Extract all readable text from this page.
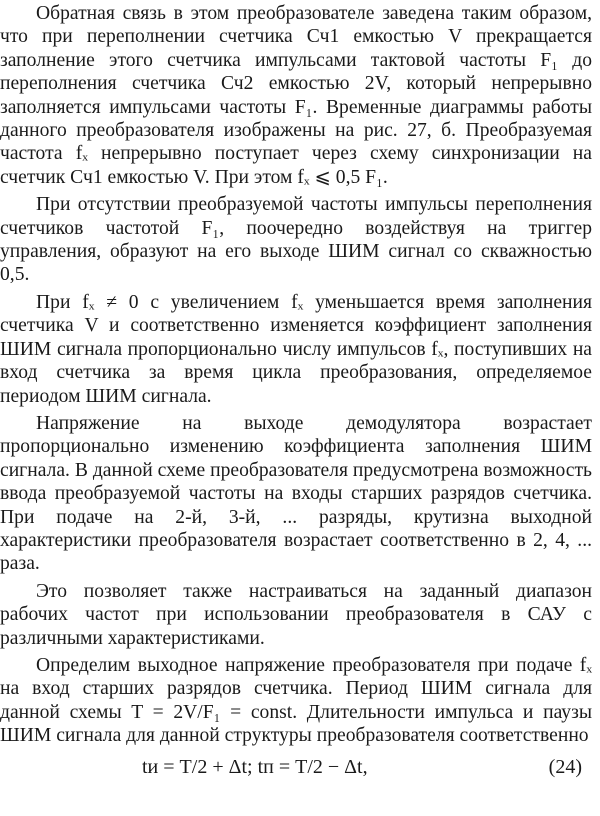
Обратная связь в этом преобразователе заведена таким образом, что при переполнении счетчика Сч1 емкостью V прекращается заполнение этого счетчика импульсами тактовой частоты F₁ до переполнения счетчика Сч2 емкостью 2V, который непрерывно заполняется импульсами частоты F₁. Временные диаграммы работы данного преобразователя изображены на рис. 27, б. Преобразуемая частота fₓ непрерывно поступает через схему синхронизации на счетчик Сч1 емкостью V. При этом fₓ ⩽ 0,5 F₁.

При отсутствии преобразуемой частоты импульсы переполнения счетчиков частотой F₁, поочередно воздействуя на триггер управления, образуют на его выходе ШИМ сигнал со скважностью 0,5.

При fₓ ≠ 0 с увеличением fₓ уменьшается время заполнения счетчика V и соответственно изменяется коэффициент заполнения ШИМ сигнала пропорционально числу импульсов fₓ, поступивших на вход счетчика за время цикла преобразования, определяемое периодом ШИМ сигнала.

Напряжение на выходе демодулятора возрастает пропорционально изменению коэффициента заполнения ШИМ сигнала. В данной схеме преобразователя предусмотрена возможность ввода преобразуемой частоты на входы старших разрядов счетчика. При подаче на 2-й, 3-й, ... разряды, крутизна выходной характеристики преобразователя возрастает соответственно в 2, 4, ... раза.

Это позволяет также настраиваться на заданный диапазон рабочих частот при использовании преобразователя в САУ с различными характеристиками.

Определим выходное напряжение преобразователя при подаче fₓ на вход старших разрядов счетчика. Период ШИМ сигнала для данной схемы T = 2V/F₁ = const. Длительности импульса и паузы ШИМ сигнала для данной структуры преобразователя соответственно

tи = T/2 + Δt; tп = T/2 − Δt,	(24)
